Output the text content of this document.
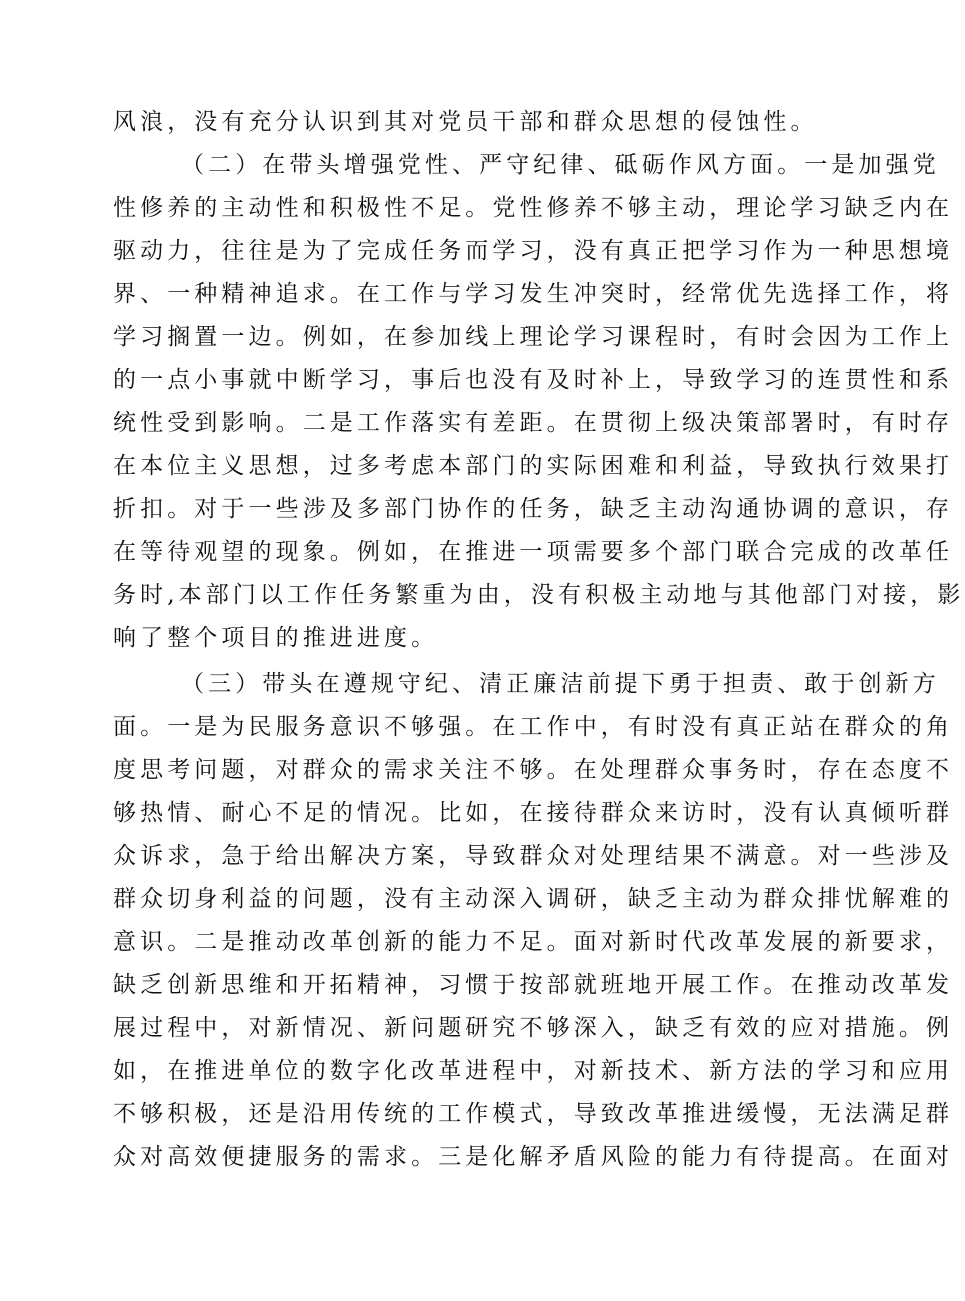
风浪，没有充分认识到其对党员干部和群众思想的侵蚀性。
（二）在带头增强党性、严守纪律、砥砺作风方面。一是加强党
性修养的主动性和积极性不足。党性修养不够主动，理论学习缺乏内在
驱动力，往往是为了完成任务而学习，没有真正把学习作为一种思想境
界、一种精神追求。在工作与学习发生冲突时，经常优先选择工作，将
学习搁置一边。例如，在参加线上理论学习课程时，有时会因为工作上
的一点小事就中断学习，事后也没有及时补上，导致学习的连贯性和系
统性受到影响。二是工作落实有差距。在贯彻上级决策部署时，有时存
在本位主义思想，过多考虑本部门的实际困难和利益，导致执行效果打
折扣。对于一些涉及多部门协作的任务，缺乏主动沟通协调的意识，存
在等待观望的现象。例如，在推进一项需要多个部门联合完成的改革任
务时,本部门以工作任务繁重为由，没有积极主动地与其他部门对接，影
响了整个项目的推进进度。
（三）带头在遵规守纪、清正廉洁前提下勇于担责、敢于创新方
面。一是为民服务意识不够强。在工作中，有时没有真正站在群众的角
度思考问题，对群众的需求关注不够。在处理群众事务时，存在态度不
够热情、耐心不足的情况。比如，在接待群众来访时，没有认真倾听群
众诉求，急于给出解决方案，导致群众对处理结果不满意。对一些涉及
群众切身利益的问题，没有主动深入调研，缺乏主动为群众排忧解难的
意识。二是推动改革创新的能力不足。面对新时代改革发展的新要求，
缺乏创新思维和开拓精神，习惯于按部就班地开展工作。在推动改革发
展过程中，对新情况、新问题研究不够深入，缺乏有效的应对措施。例
如，在推进单位的数字化改革进程中，对新技术、新方法的学习和应用
不够积极，还是沿用传统的工作模式，导致改革推进缓慢，无法满足群
众对高效便捷服务的需求。三是化解矛盾风险的能力有待提高。在面对
